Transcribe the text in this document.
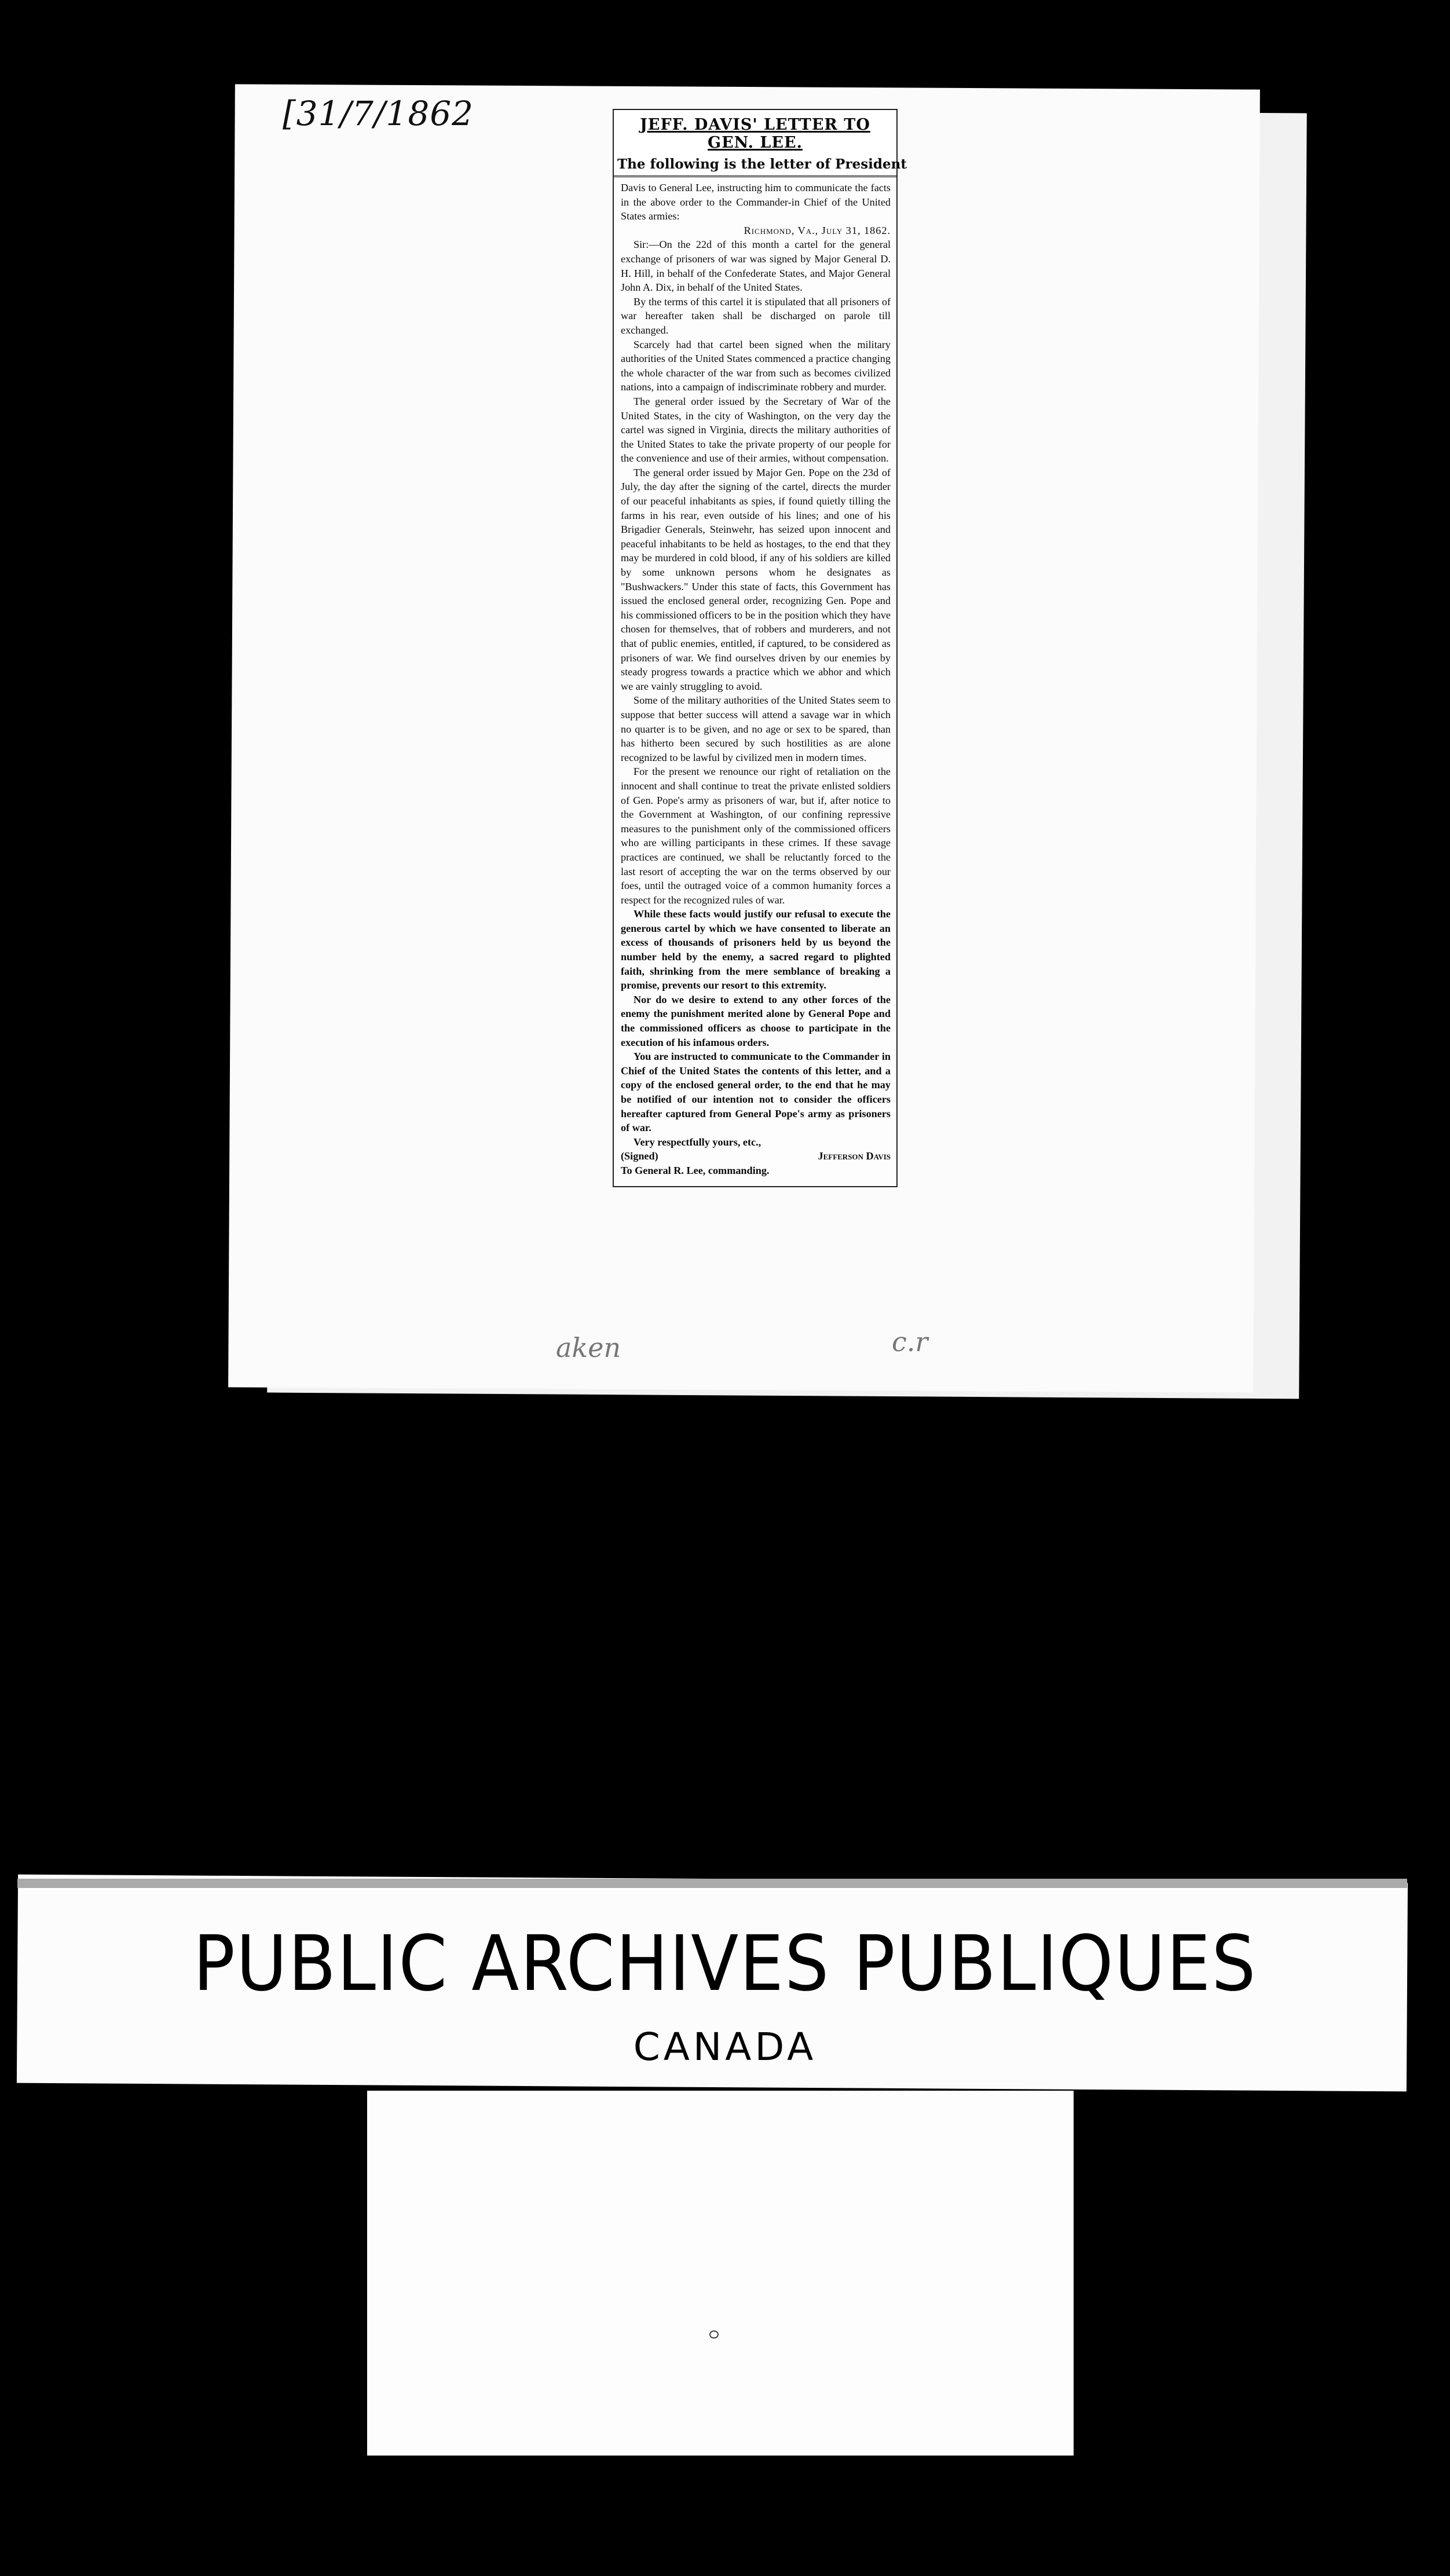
[31/7/1862
aken	c.r
JEFF. DAVIS' LETTER TO GEN. LEE.
The following is the letter of President

Davis to General Lee, instructing him to communicate the facts in the above order to the Commander-in Chief of the United States armies:

Richmond, Va., July 31, 1862.

Sir:—On the 22d of this month a cartel for the general exchange of prisoners of war was signed by Major General D. H. Hill, in behalf of the Confederate States, and Major General John A. Dix, in behalf of the United States.

By the terms of this cartel it is stipulated that all prisoners of war hereafter taken shall be discharged on parole till exchanged.

Scarcely had that cartel been signed when the military authorities of the United States commenced a practice changing the whole character of the war from such as becomes civilized nations, into a campaign of indiscriminate robbery and murder.

The general order issued by the Secretary of War of the United States, in the city of Washington, on the very day the cartel was signed in Virginia, directs the military authorities of the United States to take the private property of our people for the convenience and use of their armies, without compensation.

The general order issued by Major Gen. Pope on the 23d of July, the day after the signing of the cartel, directs the murder of our peaceful inhabitants as spies, if found quietly tilling the farms in his rear, even outside of his lines; and one of his Brigadier Generals, Steinwehr, has seized upon innocent and peaceful inhabitants to be held as hostages, to the end that they may be murdered in cold blood, if any of his soldiers are killed by some unknown persons whom he designates as "Bushwackers." Under this state of facts, this Government has issued the enclosed general order, recognizing Gen. Pope and his commissioned officers to be in the position which they have chosen for themselves, that of robbers and murderers, and not that of public enemies, entitled, if captured, to be considered as prisoners of war. We find ourselves driven by our enemies by steady progress towards a practice which we abhor and which we are vainly struggling to avoid.

Some of the military authorities of the United States seem to suppose that better success will attend a savage war in which no quarter is to be given, and no age or sex to be spared, than has hitherto been secured by such hostilities as are alone recognized to be lawful by civilized men in modern times.

For the present we renounce our right of retaliation on the innocent and shall continue to treat the private enlisted soldiers of Gen. Pope's army as prisoners of war, but if, after notice to the Government at Washington, of our confining repressive measures to the punishment only of the commissioned officers who are willing participants in these crimes. If these savage practices are continued, we shall be reluctantly forced to the last resort of accepting the war on the terms observed by our foes, until the outraged voice of a common humanity forces a respect for the recognized rules of war.

While these facts would justify our refusal to execute the generous cartel by which we have consented to liberate an excess of thousands of prisoners held by us beyond the number held by the enemy, a sacred regard to plighted faith, shrinking from the mere semblance of breaking a promise, prevents our resort to this extremity.

Nor do we desire to extend to any other forces of the enemy the punishment merited alone by General Pope and the commissioned officers as choose to participate in the execution of his infamous orders.

You are instructed to communicate to the Commander in Chief of the United States the contents of this letter, and a copy of the enclosed general order, to the end that he may be notified of our intention not to consider the officers hereafter captured from General Pope's army as prisoners of war.

Very respectfully yours, etc.,

(Signed)	Jefferson Davis

To General R. Lee, commanding.

PUBLIC ARCHIVES PUBLIQUES
CANADA
